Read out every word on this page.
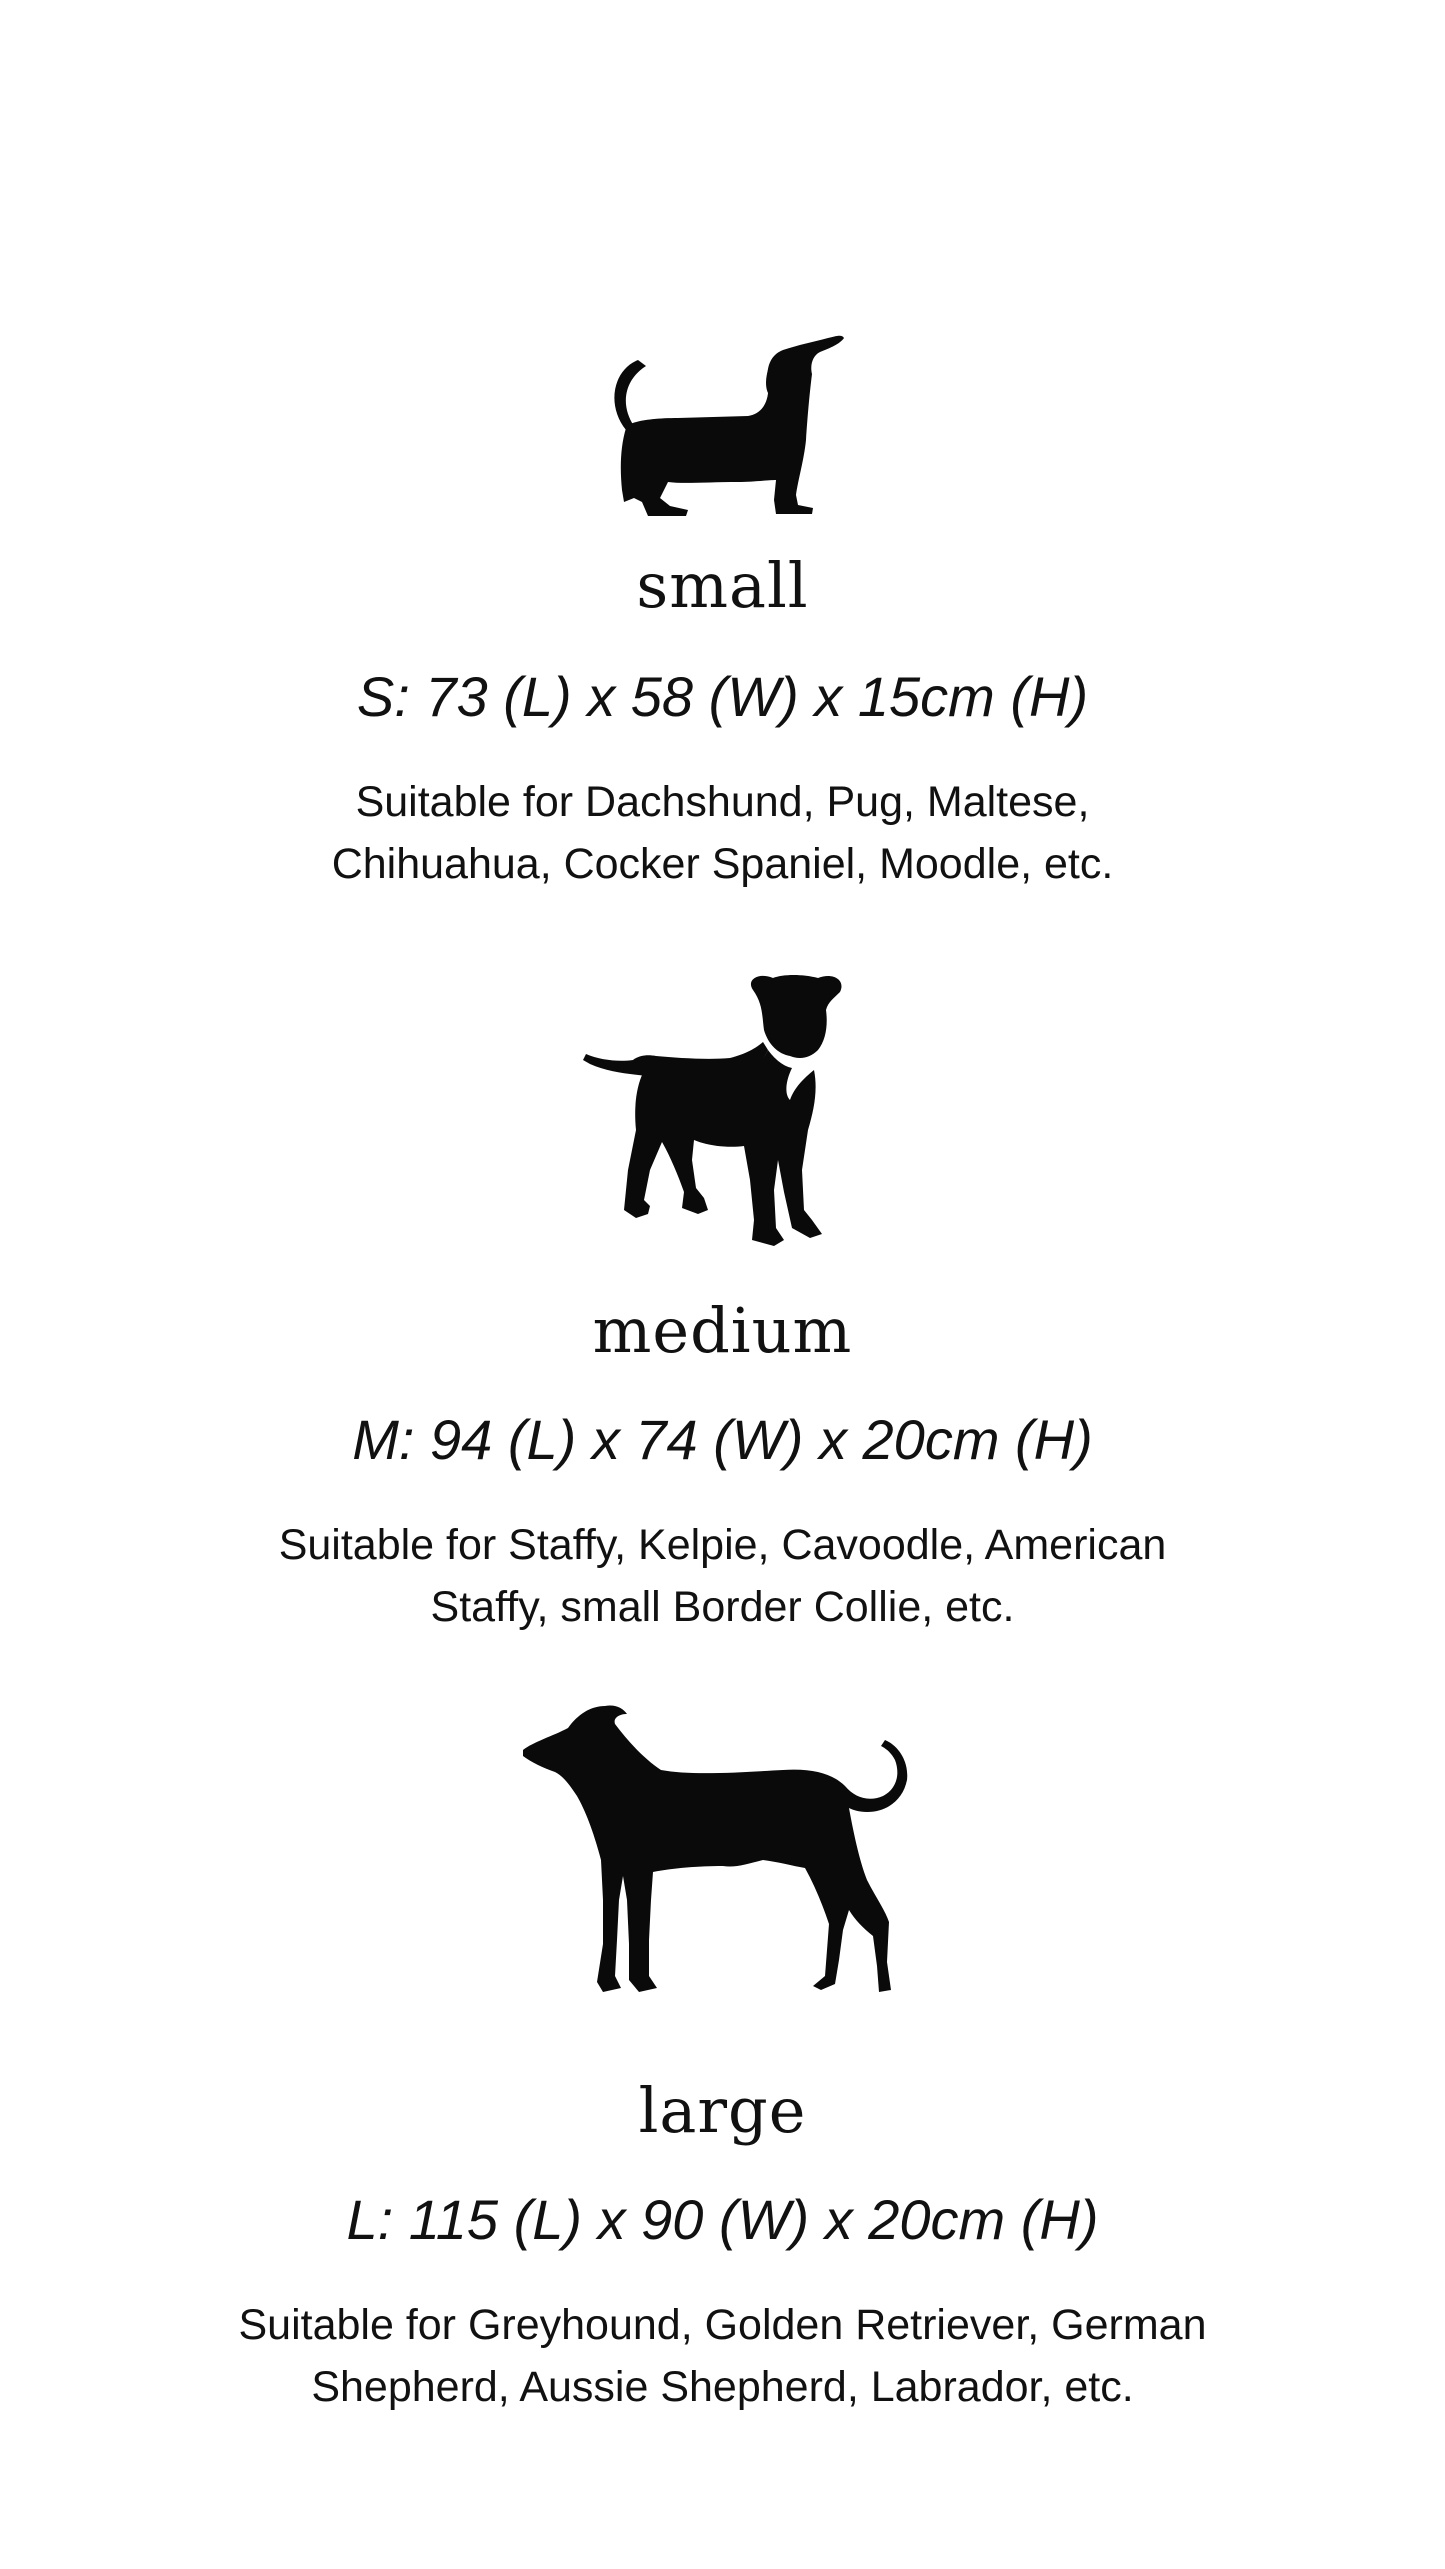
small

S: 73 (L) x 58 (W) x 15cm (H)

Suitable for Dachshund, Pug, Maltese,
Chihuahua, Cocker Spaniel, Moodle, etc.

medium

M: 94 (L) x 74 (W) x 20cm (H)

Suitable for Staffy, Kelpie, Cavoodle, American
Staffy, small Border Collie, etc.

large

L: 115 (L) x 90 (W) x 20cm (H)

Suitable for Greyhound, Golden Retriever, German
Shepherd, Aussie Shepherd, Labrador, etc.
